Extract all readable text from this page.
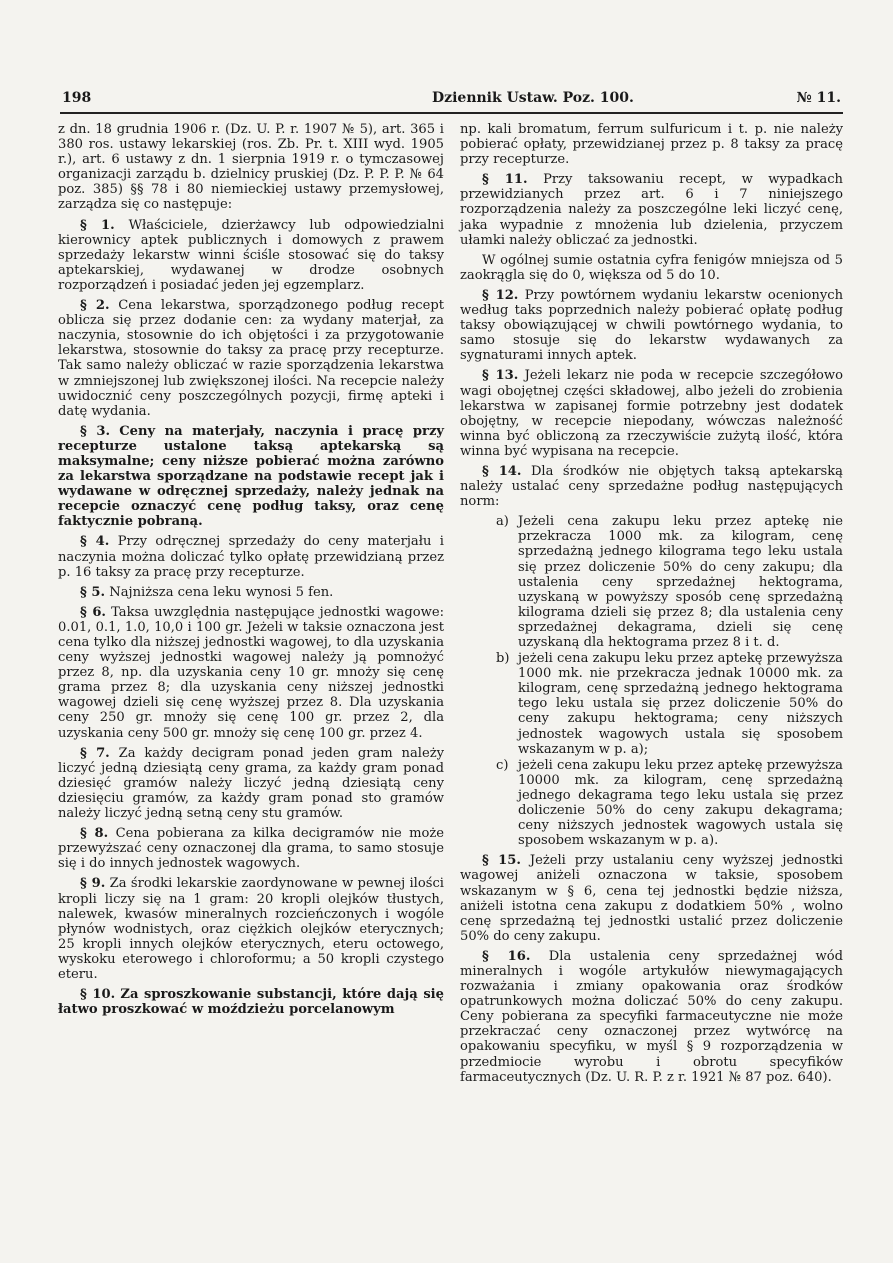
198	Dziennik Ustaw. Poz. 100.	№ 11.

z dn. 18 grudnia 1906 r. (Dz. U. P. r. 1907 № 5), art. 365 i 380 ros. ustawy lekarskiej (ros. Zb. Pr. t. XIII wyd. 1905 r.), art. 6 ustawy z dn. 1 sierpnia 1919 r. o tymczasowej organizacji zarządu b. dzielnicy pruskiej (Dz. P. P. P. № 64 poz. 385) §§ 78 i 80 niemieckiej ustawy przemysłowej, zarządza się co następuje:

§ 1. Właściciele, dzierżawcy lub odpowiedzialni kierownicy aptek publicznych i domowych z prawem sprzedaży lekarstw winni ściśle stosować się do taksy aptekarskiej, wydawanej w drodze osobnych rozporządzeń i posiadać jeden jej egzemplarz.

§ 2. Cena lekarstwa, sporządzonego podług recept oblicza się przez dodanie cen: za wydany materjał, za naczynia, stosownie do ich objętości i za przygotowanie lekarstwa, stosownie do taksy za pracę przy recepturze. Tak samo należy obliczać w razie sporządzenia lekarstwa w zmniejszonej lub zwiększonej ilości. Na recepcie należy uwidocznić ceny poszczególnych pozycji, firmę apteki i datę wydania.

§ 3. Ceny na materjały, naczynia i pracę przy recepturze ustalone taksą aptekarską są maksymalne; ceny niższe pobierać można zarówno za lekarstwa sporządzane na podstawie recept jak i wydawane w odręcznej sprzedaży, należy jednak na recepcie oznaczyć cenę podług taksy, oraz cenę faktycznie pobraną.

§ 4. Przy odręcznej sprzedaży do ceny materjału i naczynia można doliczać tylko opłatę przewidzianą przez p. 16 taksy za pracę przy recepturze.

§ 5. Najniższa cena leku wynosi 5 fen.

§ 6. Taksa uwzględnia następujące jednostki wagowe: 0.01, 0.1, 1.0, 10,0 i 100 gr. Jeżeli w taksie oznaczona jest cena tylko dla niższej jednostki wagowej, to dla uzyskania ceny wyższej jednostki wagowej należy ją pomnożyć przez 8, np. dla uzyskania ceny 10 gr. mnoży się cenę grama przez 8; dla uzyskania ceny niższej jednostki wagowej dzieli się cenę wyższej przez 8. Dla uzyskania ceny 250 gr. mnoży się cenę 100 gr. przez 2, dla uzyskania ceny 500 gr. mnoży się cenę 100 gr. przez 4.

§ 7. Za każdy decigram ponad jeden gram należy liczyć jedną dziesiątą ceny grama, za każdy gram ponad dziesięć gramów należy liczyć jedną dziesiątą ceny dziesięciu gramów, za każdy gram ponad sto gramów należy liczyć jedną setną ceny stu gramów.

§ 8. Cena pobierana za kilka decigramów nie może przewyższać ceny oznaczonej dla grama, to samo stosuje się i do innych jednostek wagowych.

§ 9. Za środki lekarskie zaordynowane w pewnej ilości kropli liczy się na 1 gram: 20 kropli olejków tłustych, nalewek, kwasów mineralnych rozcieńczonych i wogóle płynów wodnistych, oraz ciężkich olejków eterycznych; 25 kropli innych olejków eterycznych, eteru octowego, wyskoku eterowego i chloroformu; a 50 kropli czystego eteru.

§ 10. Za sproszkowanie substancji, które dają się łatwo proszkować w moździeżu porcelanowym

np. kali bromatum, ferrum sulfuricum i t. p. nie należy pobierać opłaty, przewidzianej przez p. 8 taksy za pracę przy recepturze.

§ 11. Przy taksowaniu recept, w wypadkach przewidzianych przez art. 6 i 7 niniejszego rozporządzenia należy za poszczególne leki liczyć cenę, jaka wypadnie z mnożenia lub dzielenia, przyczem ułamki należy obliczać za jednostki.

W ogólnej sumie ostatnia cyfra fenigów mniejsza od 5 zaokrągla się do 0, większa od 5 do 10.

§ 12. Przy powtórnem wydaniu lekarstw ocenionych według taks poprzednich należy pobierać opłatę podług taksy obowiązującej w chwili powtórnego wydania, to samo stosuje się do lekarstw wydawanych za sygnaturami innych aptek.

§ 13. Jeżeli lekarz nie poda w recepcie szczegółowo wagi obojętnej części składowej, albo jeżeli do zrobienia lekarstwa w zapisanej formie potrzebny jest dodatek obojętny, w recepcie niepodany, wówczas należność winna być obliczoną za rzeczywiście zużytą ilość, która winna być wypisana na recepcie.

§ 14. Dla środków nie objętych taksą aptekarską należy ustalać ceny sprzedażne podług następujących norm:

a) Jeżeli cena zakupu leku przez aptekę nie przekracza 1000 mk. za kilogram, cenę sprzedażną jednego kilograma tego leku ustala się przez doliczenie 50% do ceny zakupu; dla ustalenia ceny sprzedażnej hektograma, uzyskaną w powyższy sposób cenę sprzedażną kilograma dzieli się przez 8; dla ustalenia ceny sprzedażnej dekagrama, dzieli się cenę uzyskaną dla hektograma przez 8 i t. d.
b) jeżeli cena zakupu leku przez aptekę przewyższa 1000 mk. nie przekracza jednak 10000 mk. za kilogram, cenę sprzedażną jednego hektograma tego leku ustala się przez doliczenie 50% do ceny zakupu hektograma; ceny niższych jednostek wagowych ustala się sposobem wskazanym w p. a);
c) jeżeli cena zakupu leku przez aptekę przewyższa 10000 mk. za kilogram, cenę sprzedażną jednego dekagrama tego leku ustala się przez doliczenie 50% do ceny zakupu dekagrama; ceny niższych jednostek wagowych ustala się sposobem wskazanym w p. a).

§ 15. Jeżeli przy ustalaniu ceny wyższej jednostki wagowej aniżeli oznaczona w taksie, sposobem wskazanym w § 6, cena tej jednostki będzie niższa, aniżeli istotna cena zakupu z dodatkiem 50% , wolno cenę sprzedażną tej jednostki ustalić przez doliczenie 50% do ceny zakupu.

§ 16. Dla ustalenia ceny sprzedażnej wód mineralnych i wogóle artykułów niewymagających rozważania i zmiany opakowania oraz środków opatrunkowych można doliczać 50% do ceny zakupu. Ceny pobierana za specyfiki farmaceutyczne nie może przekraczać ceny oznaczonej przez wytwórcę na opakowaniu specyfiku, w myśl § 9 rozporządzenia w przedmiocie wyrobu i obrotu specyfików farmaceutycznych (Dz. U. R. P. z r. 1921 № 87 poz. 640).
